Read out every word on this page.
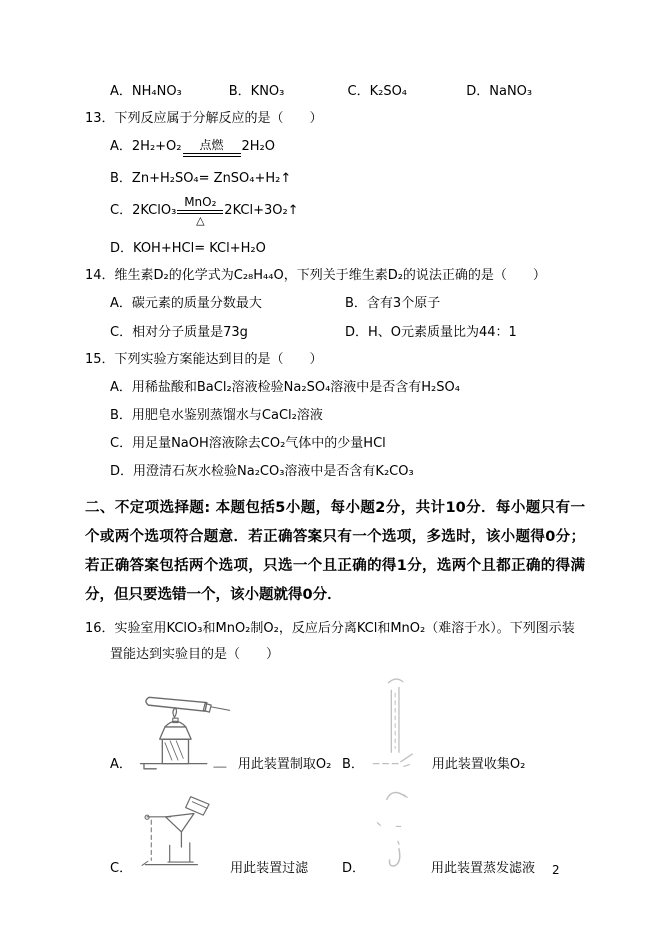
A．NH₄NO₃	B．KNO₃	C．K₂SO₄	D．NaNO₃
13．下列反应属于分解反应的是（　　）
A．2H₂+O₂ 点燃 2H₂O
B．Zn+H₂SO₄= ZnSO₄+H₂↑
C．2KClO₃
MnO₂
△
2KCl+3O₂↑
D．KOH+HCl= KCl+H₂O
14．维生素D₂的化学式为C₂₈H₄₄O，下列关于维生素D₂的说法正确的是（　　）
A．碳元素的质量分数最大	B．含有3个原子
C．相对分子质量是73g	D．H、O元素质量比为44：1
15．下列实验方案能达到目的是（　　）
A．用稀盐酸和BaCl₂溶液检验Na₂SO₄溶液中是否含有H₂SO₄
B．用肥皂水鉴别蒸馏水与CaCl₂溶液
C．用足量NaOH溶液除去CO₂气体中的少量HCl
D．用澄清石灰水检验Na₂CO₃溶液中是否含有K₂CO₃
二、不定项选择题: 本题包括5小题，每小题2分，共计10分．每小题只有一个或两个选项符合题意．若正确答案只有一个选项，多选时，该小题得0分；若正确答案包括两个选项，只选一个且正确的得1分，选两个且都正确的得满分，但只要选错一个，该小题就得0分．
16．实验室用KClO₃和MnO₂制O₂，反应后分离KCl和MnO₂（难溶于水）。下列图示装置能达到实验目的是（　　）
A．	用此装置制取O₂ B．	用此装置收集O₂
C．	用此装置过滤	D．	用此装置蒸发滤液 2
